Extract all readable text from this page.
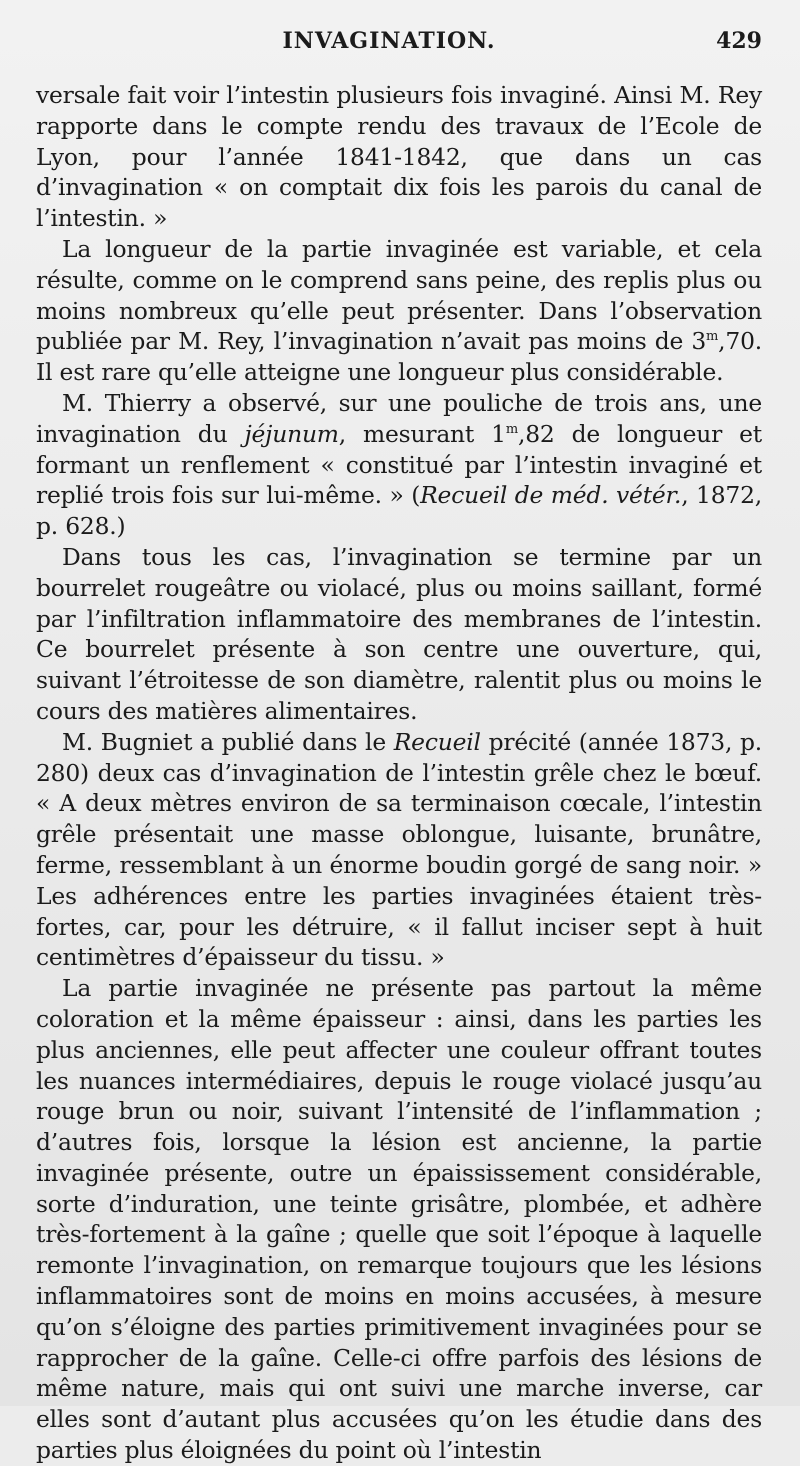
INVAGINATION.	429

versale fait voir l’intestin plusieurs fois invaginé. Ainsi M. Rey rapporte dans le compte rendu des travaux de l’Ecole de Lyon, pour l’année 1841-1842, que dans un cas d’invagination « on comptait dix fois les parois du canal de l’intestin. »

La longueur de la partie invaginée est variable, et cela résulte, comme on le comprend sans peine, des replis plus ou moins nombreux qu’elle peut présenter. Dans l’observation publiée par M. Rey, l’invagination n’avait pas moins de 3$^m$,70. Il est rare qu’elle atteigne une longueur plus considérable.

M. Thierry a observé, sur une pouliche de trois ans, une invagination du jéjunum, mesurant 1$^m$,82 de longueur et formant un renflement « constitué par l’intestin invaginé et replié trois fois sur lui-même. » (Recueil de méd. vétér., 1872, p. 628.)

Dans tous les cas, l’invagination se termine par un bourrelet rougeâtre ou violacé, plus ou moins saillant, formé par l’infiltration inflammatoire des membranes de l’intestin. Ce bourrelet présente à son centre une ouverture, qui, suivant l’étroitesse de son diamètre, ralentit plus ou moins le cours des matières alimentaires.

M. Bugniet a publié dans le Recueil précité (année 1873, p. 280) deux cas d’invagination de l’intestin grêle chez le bœuf. « A deux mètres environ de sa terminaison cœcale, l’intestin grêle présentait une masse oblongue, luisante, brunâtre, ferme, ressemblant à un énorme boudin gorgé de sang noir. » Les adhérences entre les parties invaginées étaient très-fortes, car, pour les détruire, « il fallut inciser sept à huit centimètres d’épaisseur du tissu. »

La partie invaginée ne présente pas partout la même coloration et la même épaisseur : ainsi, dans les parties les plus anciennes, elle peut affecter une couleur offrant toutes les nuances intermédiaires, depuis le rouge violacé jusqu’au rouge brun ou noir, suivant l’intensité de l’inflammation ; d’autres fois, lorsque la lésion est ancienne, la partie invaginée présente, outre un épaississement considérable, sorte d’induration, une teinte grisâtre, plombée, et adhère très-fortement à la gaîne ; quelle que soit l’époque à laquelle remonte l’invagination, on remarque toujours que les lésions inflammatoires sont de moins en moins accusées, à mesure qu’on s’éloigne des parties primitivement invaginées pour se rapprocher de la gaîne. Celle-ci offre parfois des lésions de même nature, mais qui ont suivi une marche inverse, car elles sont d’autant plus accusées qu’on les étudie dans des parties plus éloignées du point où l’intestin
